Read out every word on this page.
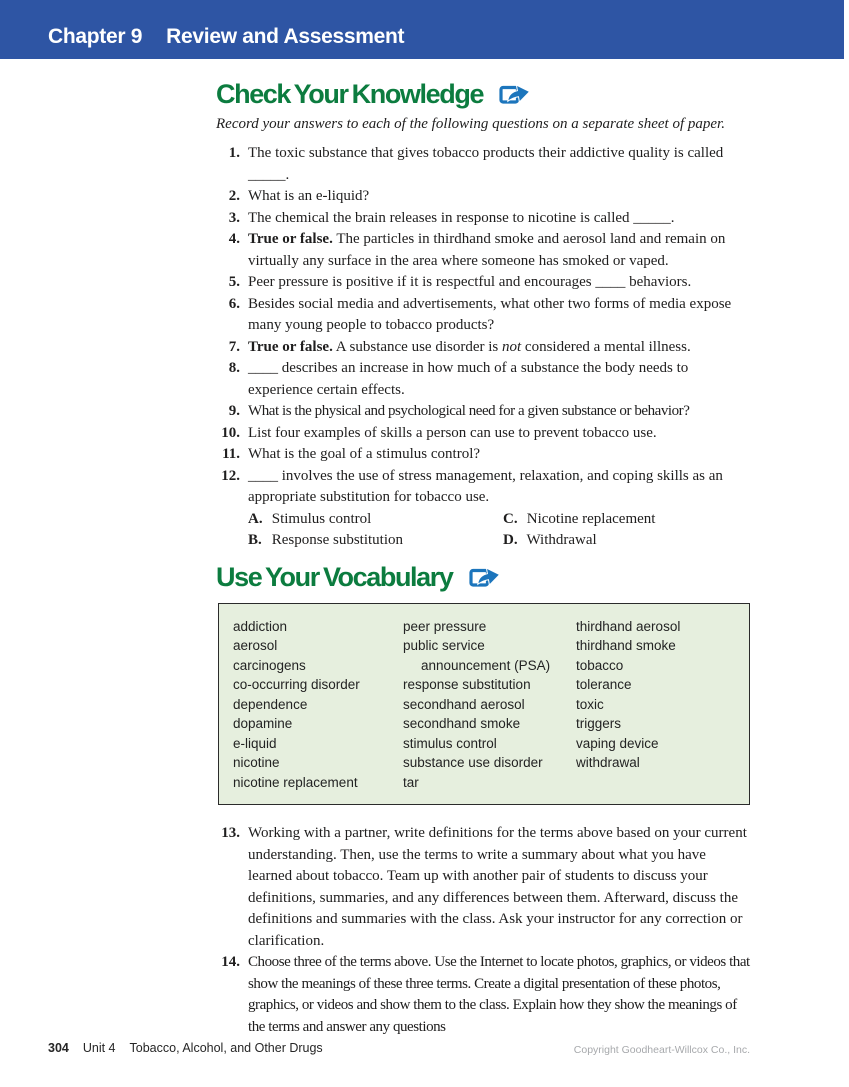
Chapter 9 Review and Assessment
Check Your Knowledge

Record your answers to each of the following questions on a separate sheet of paper.

1. The toxic substance that gives tobacco products their addictive quality is called _____.
2. What is an e-liquid?
3. The chemical the brain releases in response to nicotine is called _____.
4. True or false. The particles in thirdhand smoke and aerosol land and remain on virtually any surface in the area where someone has smoked or vaped.
5. Peer pressure is positive if it is respectful and encourages ____ behaviors.
6. Besides social media and advertisements, what other two forms of media expose many young people to tobacco products?
7. True or false. A substance use disorder is not considered a mental illness.
8. ____ describes an increase in how much of a substance the body needs to experience certain effects.
9. What is the physical and psychological need for a given substance or behavior?
10. List four examples of skills a person can use to prevent tobacco use.
11. What is the goal of a stimulus control?
12. ____ involves the use of stress management, relaxation, and coping skills as an appropriate substitution for tobacco use.
A. Stimulus control	C. Nicotine replacement
B. Response substitution	D. Withdrawal
Use Your Vocabulary
addiction
aerosol
carcinogens
co-occurring disorder
dependence
dopamine
e-liquid
nicotine
nicotine replacement
peer pressure
public service announcement (PSA)
response substitution
secondhand aerosol
secondhand smoke
stimulus control
substance use disorder
tar
thirdhand aerosol
thirdhand smoke
tobacco
tolerance
toxic
triggers
vaping device
withdrawal
13. Working with a partner, write definitions for the terms above based on your current understanding. Then, use the terms to write a summary about what you have learned about tobacco. Team up with another pair of students to discuss your definitions, summaries, and any differences between them. Afterward, discuss the definitions and summaries with the class. Ask your instructor for any correction or clarification.
14. Choose three of the terms above. Use the Internet to locate photos, graphics, or videos that show the meanings of these three terms. Create a digital presentation of these photos, graphics, or videos and show them to the class. Explain how they show the meanings of the terms and answer any questions
304 Unit 4 Tobacco, Alcohol, and Other Drugs	Copyright Goodheart-Willcox Co., Inc.
